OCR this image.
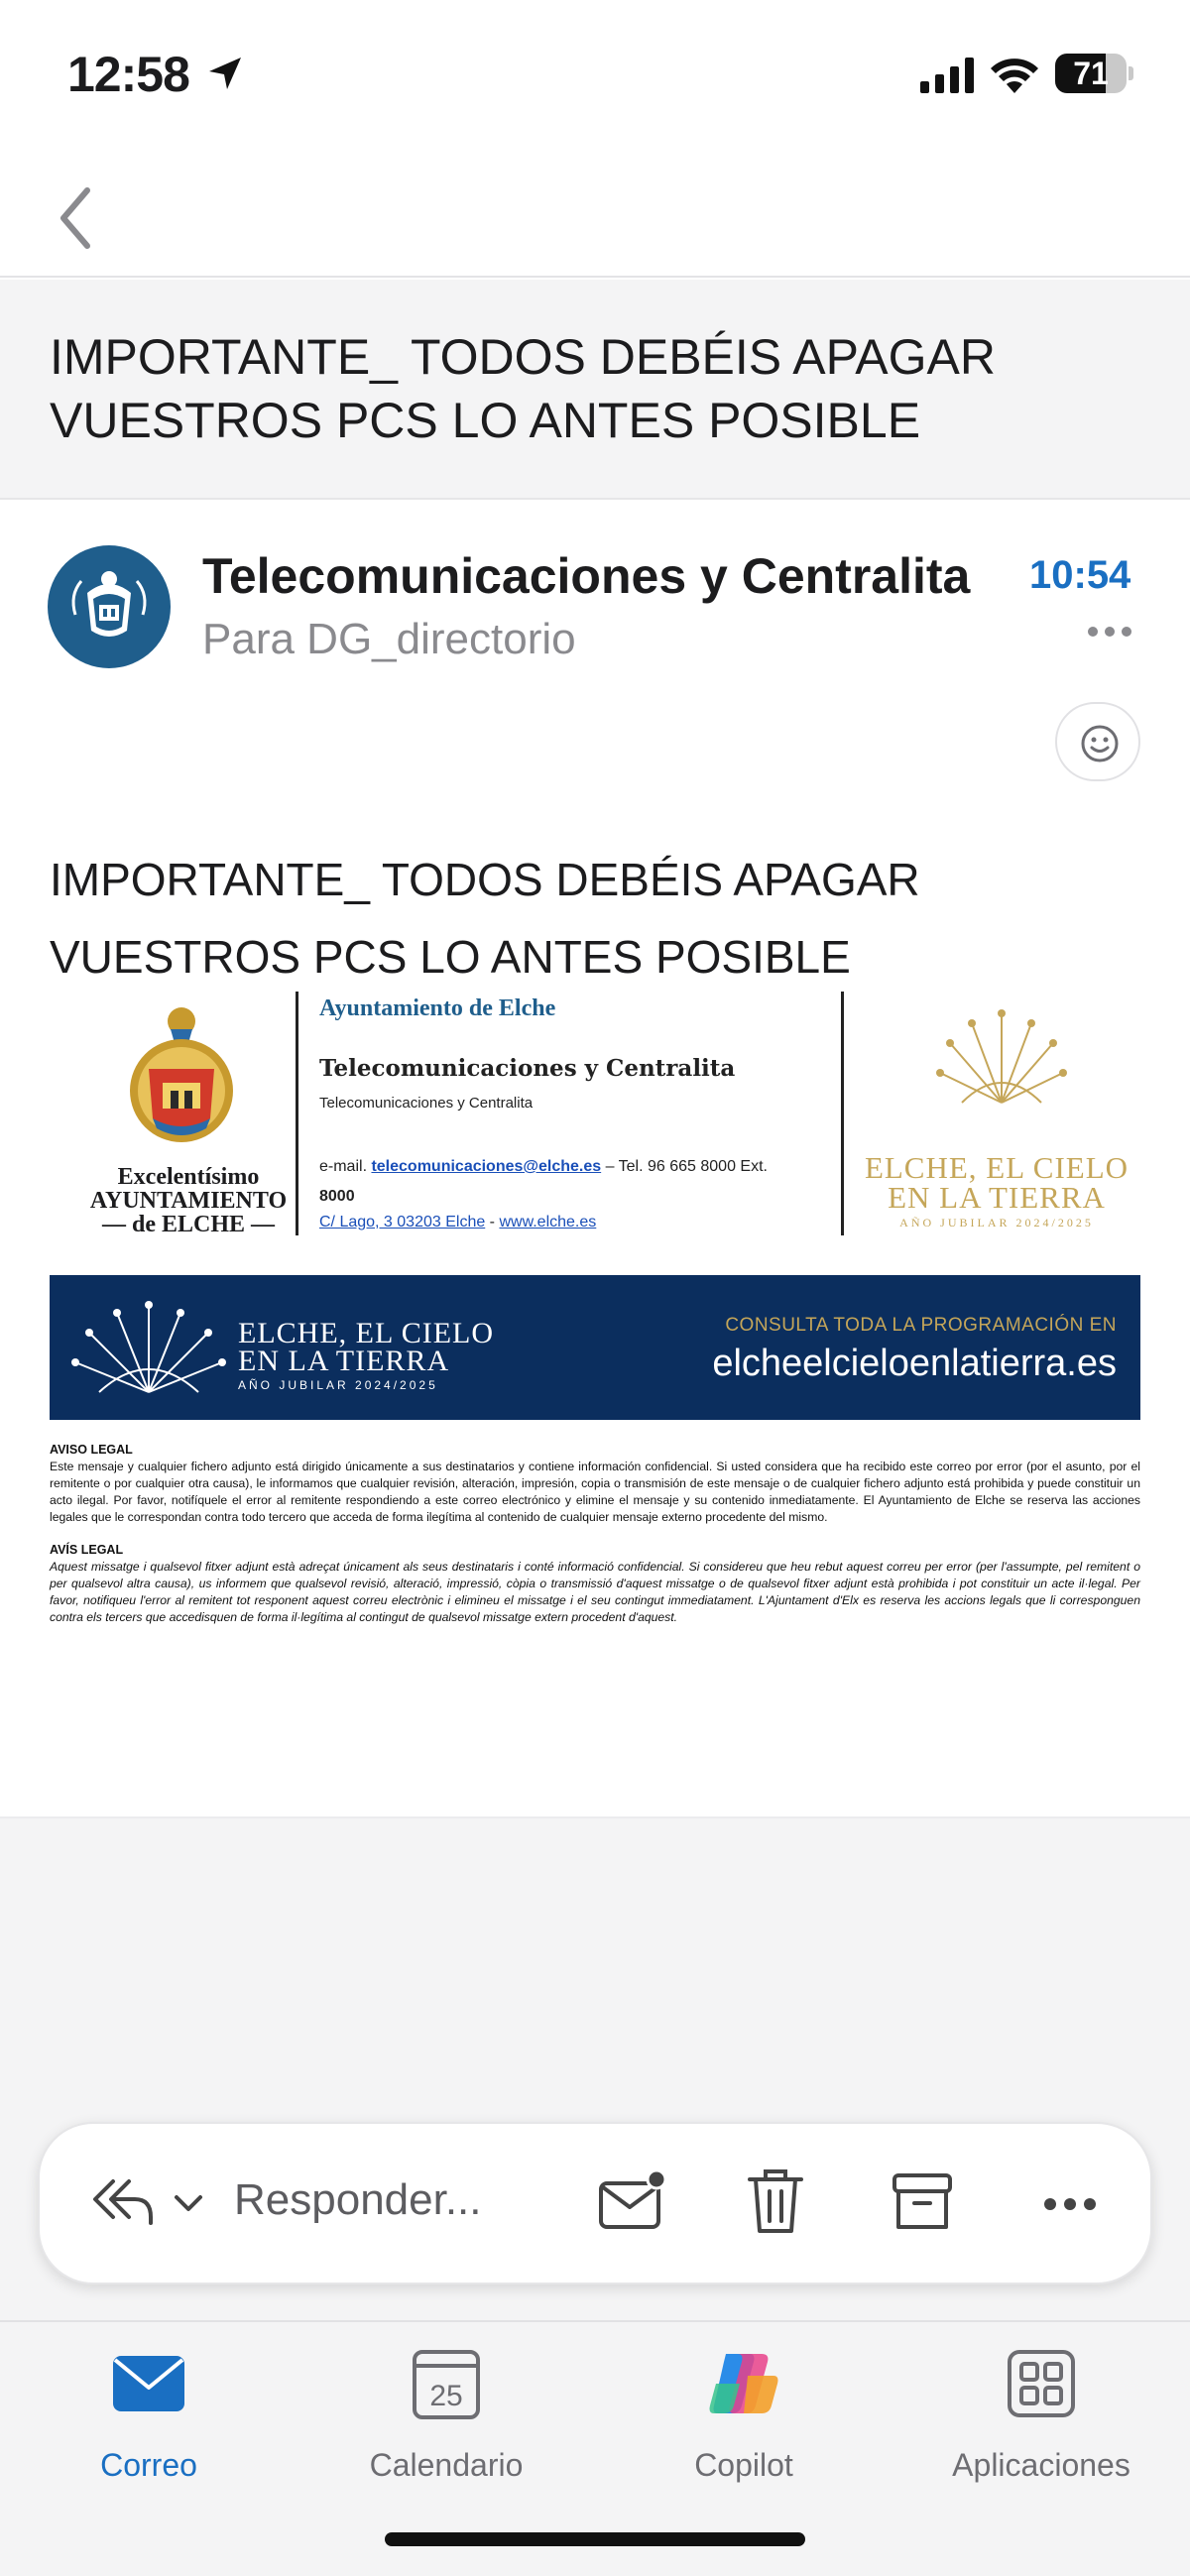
12:58	71
IMPORTANTE_ TODOS DEBÉIS APAGAR VUESTROS PCS LO ANTES POSIBLE
Telecomunicaciones y Centralita
Para DG_directorio
10:54
IMPORTANTE_ TODOS DEBÉIS APAGAR
VUESTROS PCS LO ANTES POSIBLE
Excelentísimo
AYUNTAMIENTO
— de ELCHE —
Ayuntamiento de Elche
Telecomunicaciones y Centralita
Telecomunicaciones y Centralita
e-mail. telecomunicaciones@elche.es – Tel. 96 665 8000 Ext.
8000
C/ Lago, 3 03203 Elche - www.elche.es
ELCHE, EL CIELO
EN LA TIERRA
AÑO JUBILAR 2024/2025
ELCHE, EL CIELO
EN LA TIERRA
AÑO JUBILAR 2024/2025
CONSULTA TODA LA PROGRAMACIÓN EN
elcheelcieloenlatierra.es
AVISO LEGAL

Este mensaje y cualquier fichero adjunto está dirigido únicamente a sus destinatarios y contiene información confidencial. Si usted considera que ha recibido este correo por error (por el asunto, por el remitente o por cualquier otra causa), le informamos que cualquier revisión, alteración, impresión, copia o transmisión de este mensaje o de cualquier fichero adjunto está prohibida y puede constituir un acto ilegal. Por favor, notifíquele el error al remitente respondiendo a este correo electrónico y elimine el mensaje y su contenido inmediatamente. El Ayuntamiento de Elche se reserva las acciones legales que le correspondan contra todo tercero que acceda de forma ilegítima al contenido de cualquier mensaje externo procedente del mismo.

AVÍS LEGAL

Aquest missatge i qualsevol fitxer adjunt està adreçat únicament als seus destinataris i conté informació confidencial. Si considereu que heu rebut aquest correu per error (per l'assumpte, pel remitent o per qualsevol altra causa), us informem que qualsevol revisió, alteració, impressió, còpia o transmissió d'aquest missatge o de qualsevol fitxer adjunt està prohibida i pot constituir un acte il·legal. Per favor, notifiqueu l'error al remitent tot responent aquest correu electrònic i elimineu el missatge i el seu contingut immediatament. L'Ajuntament d'Elx es reserva les accions legals que li corresponguen contra els tercers que accedisquen de forma il·legítima al contingut de qualsevol missatge extern procedent d'aquest.

Responder...
Correo
25
Calendario	Copilot	Aplicaciones
